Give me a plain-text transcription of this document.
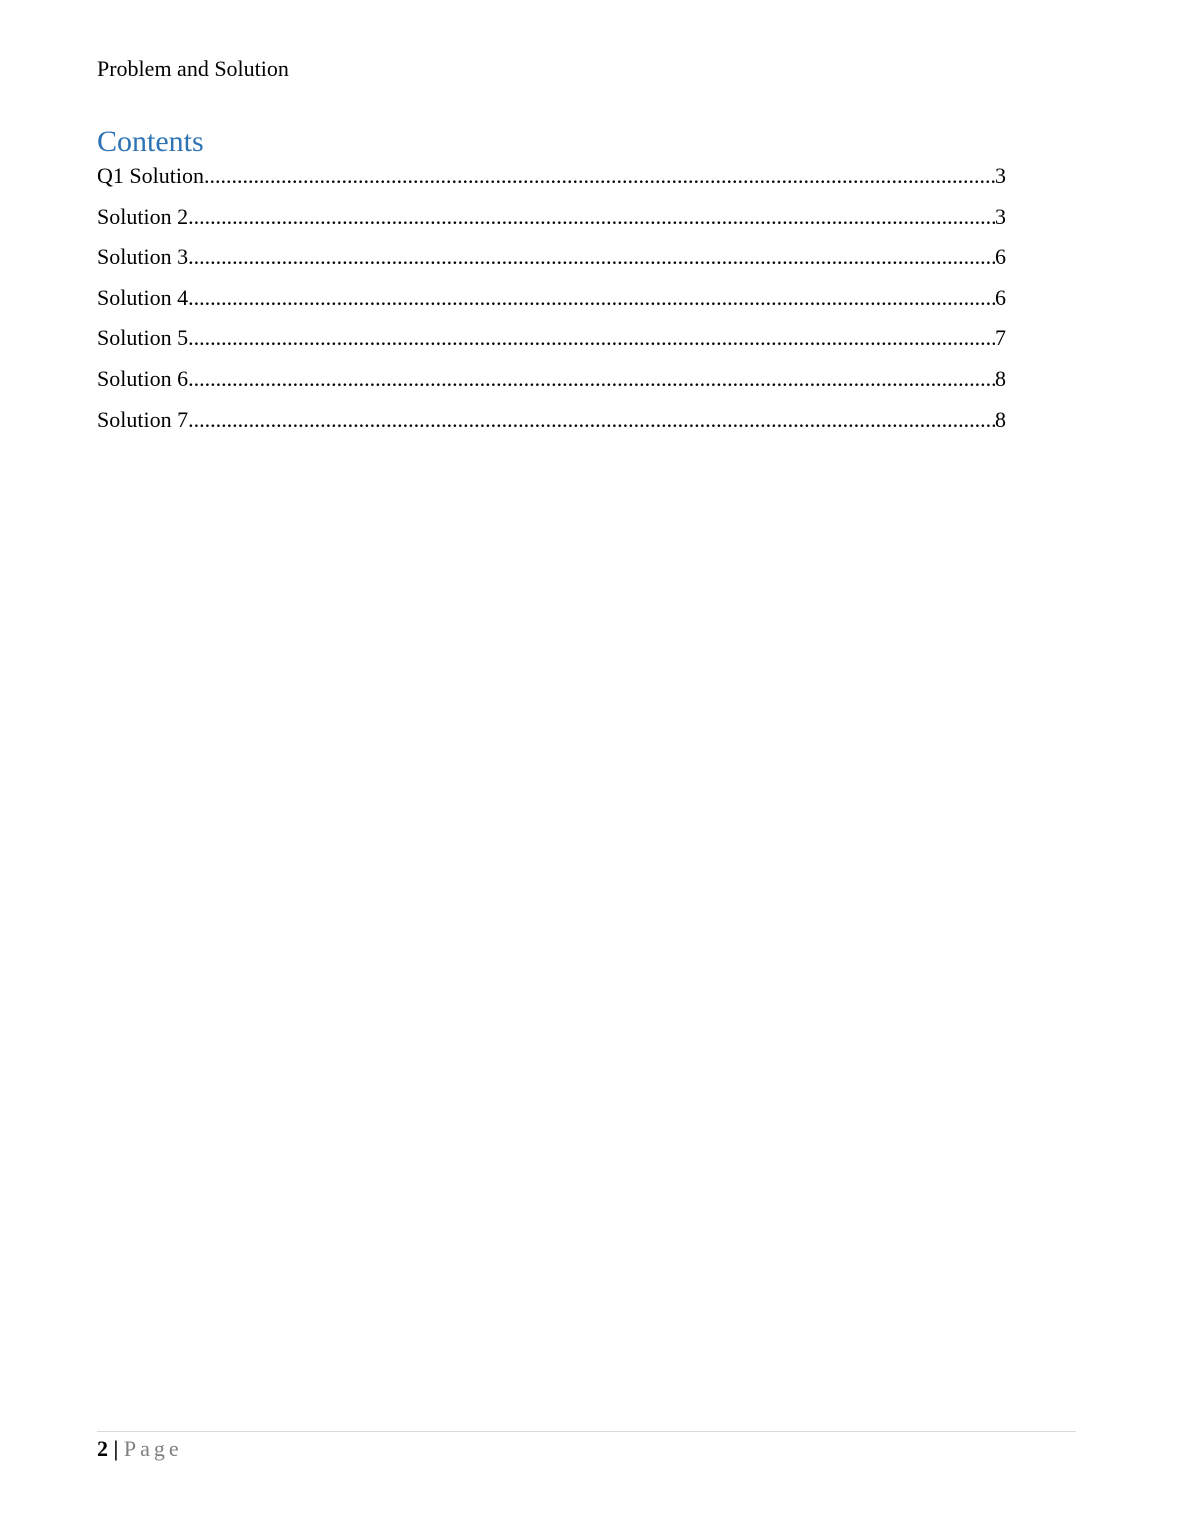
Problem and Solution
Contents
Q1 Solution .....	3
Solution 2 .....	3
Solution 3 .....	6
Solution 4 .....	6
Solution 5 .....	7
Solution 6 .....	8
Solution 7 .....	8
2 | Page
